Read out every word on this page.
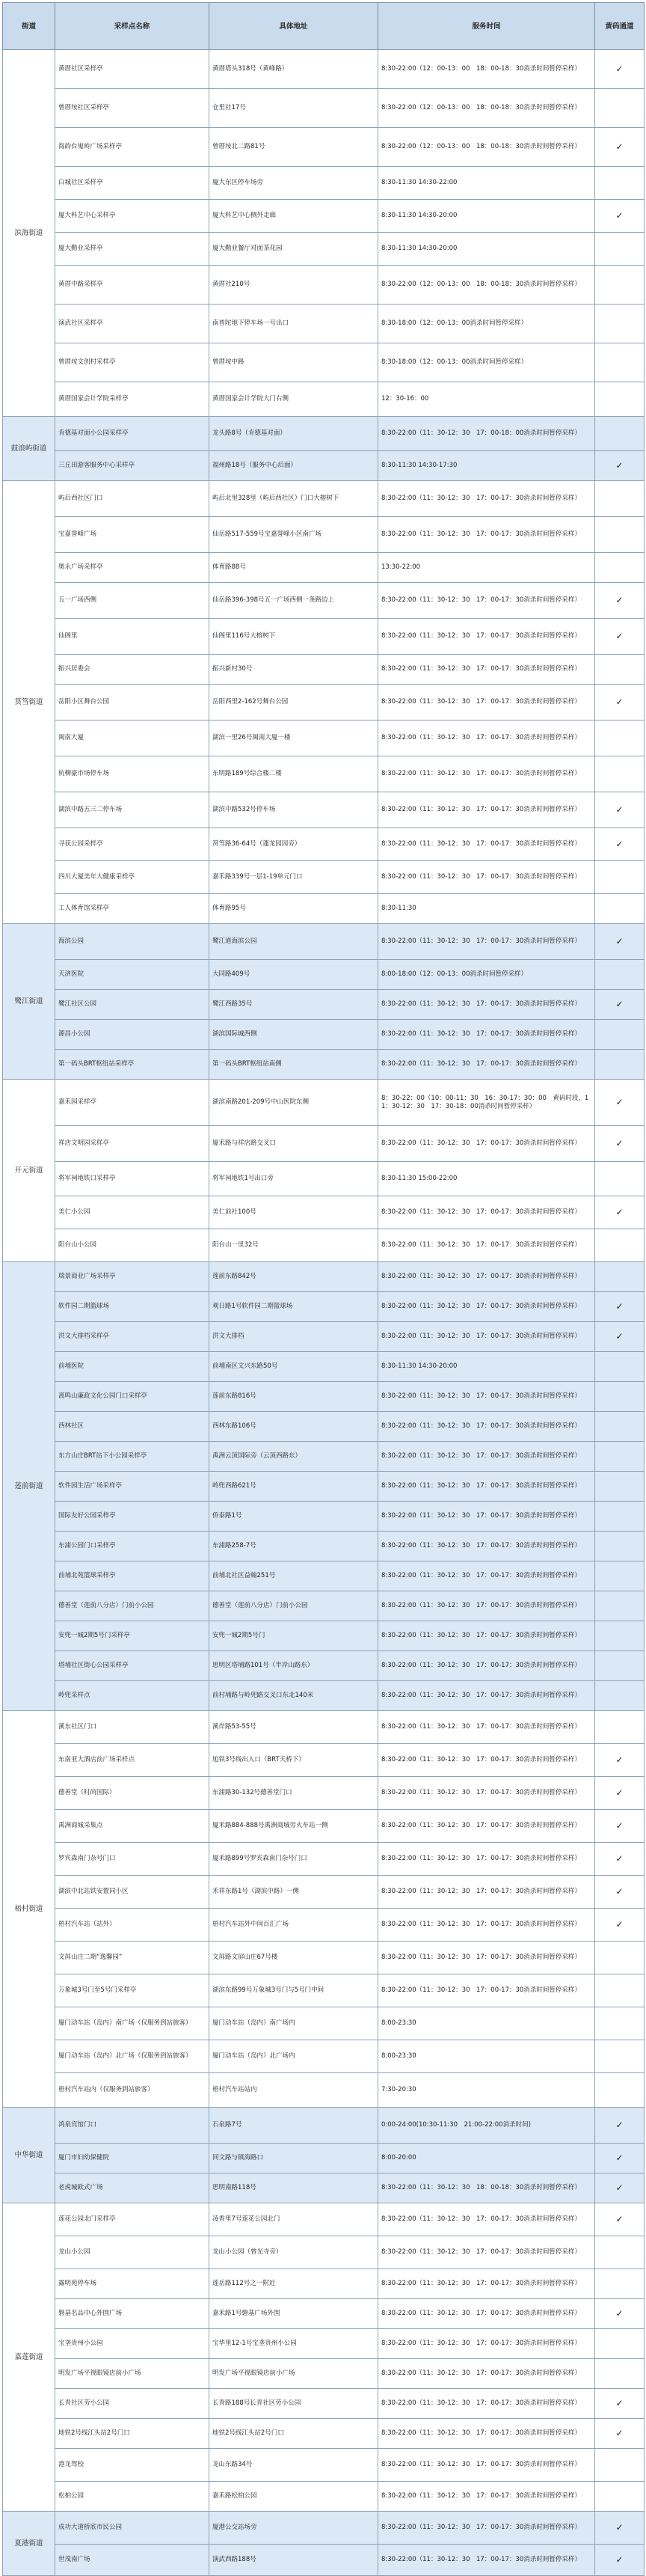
街道	采样点名称	具体地址	服务时间	黄码通道
滨海街道	黄厝社区采样亭	黄厝塔头318号（黄峰路）	8:30-22:00（12：00-13：00　18：00-18：30消杀时间暂停采样）	✓
	曾厝垵社区采样亭	仓里社17号	8:30-22:00（12：00-13：00　18：00-18：30消杀时间暂停采样）	
	海韵台嵬岭广场采样亭	曾厝垵北二路81号	8:30-22:00（12：00-13：00　18：00-18：30消杀时间暂停采样）	✓
	白城社区采样亭	厦大东区停车场旁	8:30-11:30 14:30-22:00	
	厦大科艺中心采样亭	厦大科艺中心侧外走廊	8:30-11:30 14:30-20:00	✓
	厦大勤业采样亭	厦大勤业餐厅对面茶花园	8:30-11:30 14:30-20:00	
	黄厝中路采样亭	黄厝社210号	8:30-22:00（12：00-13：00　18：00-18：30消杀时间暂停采样）	
	演武社区采样亭	南普陀地下停车场一号出口	8:30-18:00（12：00-13：00消杀时间暂停采样）	
	曾厝垵文创村采样亭	曾厝垵中路	8:30-18:00（12：00-13：00消杀时间暂停采样）	
	黄厝国家会计学院采样亭	黄厝国家会计学院大门右侧	12：30-16：00	
鼓浪屿街道	肯德基对面小公园采样亭	龙头路8号（肯德基对面）	8:30-22:00（11：30-12：30　17：00-18：00消杀时间暂停采样）	
	三丘田游客服务中心采样亭	福州路18号（服务中心后面）	8:30-11:30 14:30-17:30	✓
筼筜街道	屿后西社区门口	屿后北里328里（屿后西社区）门口大榕树下	8:30-22:00（11：30-12：30　17：00-17：30消杀时间暂停采样）	
	宝嘉誉峰广场	仙岳路517-559号宝嘉誉峰小区南广场	8:30-22:00（11：30-12：30　17：00-17：30消杀时间暂停采样）	
	奥永广场采样亭	体育路88号	13:30-22:00	
	五一广场西侧	仙岳路396-398号五一广场西侧一条路边上	8:30-22:00（11：30-12：30　17：00-17：30消杀时间暂停采样）	✓
	仙阁里	仙阁里116号大榕树下	8:30-22:00（11：30-12：30　17：00-17：30消杀时间暂停采样）	✓
	振兴居委会	振兴新村30号	8:30-22:00（11：30-12：30　17：00-17：30消杀时间暂停采样）	
	岳阳小区舞台公园	岳阳西里2-162号舞台公园	8:30-22:00（11：30-12：30　17：00-17：30消杀时间暂停采样）	✓
	闽南大厦	湖滨一里26号闽南大厦一楼	8:30-22:00（11：30-12：30　17：00-17：30消杀时间暂停采样）	
	杭柳豪市场停车场	东明路189号综合楼二楼	8:30-22:00（11：30-12：30　17：00-17：30消杀时间暂停采样）	
	湖滨中路五三二停车场	湖滨中路532号停车场	8:30-22:00（11：30-12：30　17：00-17：30消杀时间暂停采样）	✓
	寻获公园采样亭	筼筜路36-64号（蓬龙园园旁）	8:30-22:00（11：30-12：30　17：00-17：30消杀时间暂停采样）	✓
	四川大厦美年大健康采样亭	嘉禾路339号一层1-19单元门口	8:30-22:00（11：30-12：30　17：00-17：30消杀时间暂停采样）	
	工人体育馆采样亭	体育路95号	8:30-11:30	
鹭江街道	海滨公园	鹭江道海滨公园	8:30-22:00（11：30-12：30　17：00-17：30消杀时间暂停采样）	✓
	天济医院	大同路409号	8:00-18:00（12：00-13：00消杀时间暂停采样）	
	鹭江社区公园	鹭江西路35号	8:30-22:00（11：30-12：30　17：00-17：30消杀时间暂停采样）	✓
	源昌小公园	湖滨国际城西侧	8:30-22:00（11：30-12：30　17：00-17：30消杀时间暂停采样）	
	第一码头BRT枢纽站采样亭	第一码头BRT枢纽站南侧	8:30-22:00（11：30-12：30　17：00-17：30消杀时间暂停采样）	
开元街道	嘉禾园采样亭	湖滨南路201-209号中山医院东侧	8：30-22：00（10：00-11：30　16：30-17：30：00　黄码时段，11：30-12：30　17：30-18：00消杀时间暂停采样）	✓
	祥店文明园采样亭	厦禾路与祥店路交叉口	8:30-22:00（11：30-12：30　17：00-17：30消杀时间暂停采样）	✓
	将军祠地铁口采样亭	将军祠地铁1号出口旁	8:30-11:30 15:00-22:00	
	美仁小公园	美仁前社100号	8:30-22:00（11：30-12：30　17：00-17：30消杀时间暂停采样）	✓
	阳台山小公园	阳台山一里32号	8:30-22:00（11：30-12：30　17：00-17：30消杀时间暂停采样）	
莲前街道	瑞景商业广场采样亭	莲前东路842号	8:30-22:00（11：30-12：30　17：00-17：30消杀时间暂停采样）	
	软件园二期篮球场	观日路1号软件园二期篮球场	8:30-22:00（11：30-12：30　17：00-17：30消杀时间暂停采样）	✓
	洪文大排档采样亭	洪文大排档	8:30-22:00（11：30-12：30　17：00-17：30消杀时间暂停采样）	✓
	前埔医院	前埔南区文兴东路50号	8:30-11:30 14:30-20:00	
	离鸣山廉政文化公园门口采样亭	莲前东路816号	8:30-22:00（11：30-12：30　17：00-17：30消杀时间暂停采样）	
	西林社区	西林东路106号	8:30-22:00（11：30-12：30　17：00-17：30消杀时间暂停采样）	
	东方山庄BRT站下小公园采样亭	禹洲云顶国际旁（云顶西路东）	8:30-22:00（11：30-12：30　17：00-17：30消杀时间暂停采样）	
	软件园生活广场采样亭	岭兜西路621号	8:30-22:00（11：30-12：30　17：00-17：30消杀时间暂停采样）	
	国际友好公园采样亭	侨泰路1号	8:30-22:00（11：30-12：30　17：00-17：30消杀时间暂停采样）	
	东浦公园门口采样亭	东浦路258-7号	8:30-22:00（11：30-12：30　17：00-17：30消杀时间暂停采样）	
	前埔北苑篮球采样亭	前埔北社区益翰251号	8:30-22:00（11：30-12：30　17：00-17：30消杀时间暂停采样）	
	德善堂（莲前八分店）门前小公园	德善堂（莲前八分店）门前小公园	8:30-22:00（11：30-12：30　17：00-17：30消杀时间暂停采样）	
	安兜一城2期5号门采样亭	安兜一城2期5号门	8:30-22:00（11：30-12：30　17：00-17：30消杀时间暂停采样）	
	塔埔社区街心公园采样亭	思明区塔埔路101号（半岸山路东）	8:30-22:00（11：30-12：30　17：00-17：30消杀时间暂停采样）	
	岭兜采样点	前村埔路与岭兜路交叉口东北140米	8:30-22:00（11：30-12：30　17：00-17：30消杀时间暂停采样）	
梧村街道	溪东社区门口	溪岸路53-55号	8:30-22:00（11：30-12：30　17：00-17：30消杀时间暂停采样）	
	东南亚大酒店前广场采样点	旭铁3号线出入口（BRT天桥下）	8:30-22:00（11：30-12：30　17：00-17：30消杀时间暂停采样）	✓
	德善堂（时尚国际）	东浦路30-132号德善堂门口	8:30-22:00（11：30-12：30　17：00-17：30消杀时间暂停采样）	✓
	禹洲商城采集点	厦禾路884-888号禹洲商城旁火车站一侧	8:30-22:00（11：30-12：30　17：00-17：30消杀时间暂停采样）	✓
	罗宾森南门杂号门口	厦禾路899号罗宾森南门杂号门口	8:30-22:00（11：30-12：30　17：00-17：30消杀时间暂停采样）	✓
	湖滨中北站铁安置同小区	禾祥东路1号（湖滨中路）一侧	8:30-22:00（11：30-12：30　17：00-17：30消杀时间暂停采样）	✓
	梧村汽车站（站外）	梧村汽车站外中间百汇广场	8:30-22:00（11：30-12：30　17：00-17：30消杀时间暂停采样）	✓
	文屏山庄二期“逸馨园”	文屏路文屏山庄67号楼	8:30-22:00（11：30-12：30　17：00-17：30消杀时间暂停采样）	
	万象城3号门至5号门采样亭	湖滨东路99号万象城3号门与5号门中间	8:30-22:00（11：30-12：30　17：00-17：30消杀时间暂停采样）	
	厦门动车站（岛内）南广场（仅服务到站旅客）	厦门动车站（岛内）南广场内	8:00-23:30	
	厦门动车站（岛内）北广场（仅服务到站旅客）	厦门动车站（岛内）北广场内	8:00-23:30	
	梧村汽车站内（仅服务到站旅客）	梧村汽车站站内	7:30-20:30	
中华街道	鸿泉宾馆门口	石泉路7号	0:00-24:00(10:30-11:30　21:00-22:00消杀时间)	✓
	厦门市妇幼保健院	同文路与镇海路口	8:00-20:00	✓
	老虎城欧式广场	思明南路118号	8:30-22:00（11：30-12：30　18：00-18：30消杀时间暂停采样）	✓
嘉莲街道	莲花公园北门采样亭	凌香里7号莲花公园北门	8:30-22:00（11：30-12：30　17：00-17：30消杀时间暂停采样）	✓
	龙山小公园	龙山小公园（曾光寺旁）	8:30-22:00（11：30-12：30　17：00-17：30消杀时间暂停采样）	
	露明苑停车场	莲岳路112号之一附近	8:30-22:00（11：30-12：30　17：00-17：30消杀时间暂停采样）	
	磐基名品中心外围广场	嘉禾路1号磐基广场外围	8:30-22:00（11：30-12：30　17：00-17：30消杀时间暂停采样）	✓
	宝垄贵州小公园	宝华里12-1号宝垄贵州小公园	8:30-22:00（11：30-12：30　17：00-17：30消杀时间暂停采样）	
	明发广场平视眼镜店前小广场	明发广场平视眼镜店前小广场	8:30-22:00（11：30-12：30　17：00-17：30消杀时间暂停采样）	
	长青社区劳小公园	长青路188号长青社区劳小公园	8:30-22:00（11：30-12：30　17：00-17：30消杀时间暂停采样）	✓
	地铁2号线江头站2号门口	地铁2号线江头站2号门口	8:30-22:00（11：30-12：30　17：00-17：30消杀时间暂停采样）	✓
	港龙驾校	龙山东路34号	8:30-22:00（11：30-12：30　17：00-17：30消杀时间暂停采样）	
	松柏公园	嘉禾路松柏公园	8:30-22:00（11：30-12：30　17：00-17：30消杀时间暂停采样）	
夏港街道	成功大道桥底市民公园	厦港公交站场旁	8:30-22:00（11：30-12：30　17：00-17：30消杀时间暂停采样）	✓
	世茂南广场	演武西路188号	8:30-22:00（11：30-12：30　17：00-17：30消杀时间暂停采样）	✓
